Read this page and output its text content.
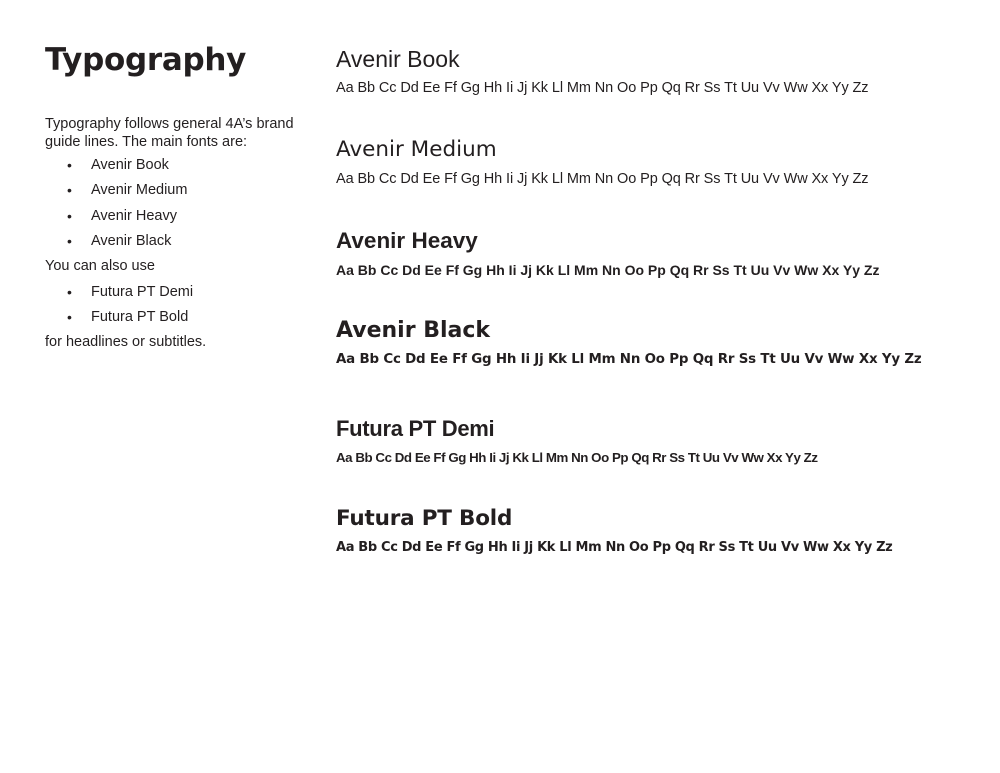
Typography

Typography follows general 4A’s brand guide lines. The main fonts are:

• Avenir Book
• Avenir Medium
• Avenir Heavy
• Avenir Black

You can also use

• Futura PT Demi
• Futura PT Bold

for headlines or subtitles.

Avenir Book
Aa Bb Cc Dd Ee Ff Gg Hh Ii Jj Kk Ll Mm Nn Oo Pp Qq Rr Ss Tt Uu Vv Ww Xx Yy Zz
Avenir Medium
Aa Bb Cc Dd Ee Ff Gg Hh Ii Jj Kk Ll Mm Nn Oo Pp Qq Rr Ss Tt Uu Vv Ww Xx Yy Zz
Avenir Heavy
Aa Bb Cc Dd Ee Ff Gg Hh Ii Jj Kk Ll Mm Nn Oo Pp Qq Rr Ss Tt Uu Vv Ww Xx Yy Zz
Avenir Black
Aa Bb Cc Dd Ee Ff Gg Hh Ii Jj Kk Ll Mm Nn Oo Pp Qq Rr Ss Tt Uu Vv Ww Xx Yy Zz
Futura PT Demi
Aa Bb Cc Dd Ee Ff Gg Hh Ii Jj Kk Ll Mm Nn Oo Pp Qq Rr Ss Tt Uu Vv Ww Xx Yy Zz
Futura PT Bold
Aa Bb Cc Dd Ee Ff Gg Hh Ii Jj Kk Ll Mm Nn Oo Pp Qq Rr Ss Tt Uu Vv Ww Xx Yy Zz
